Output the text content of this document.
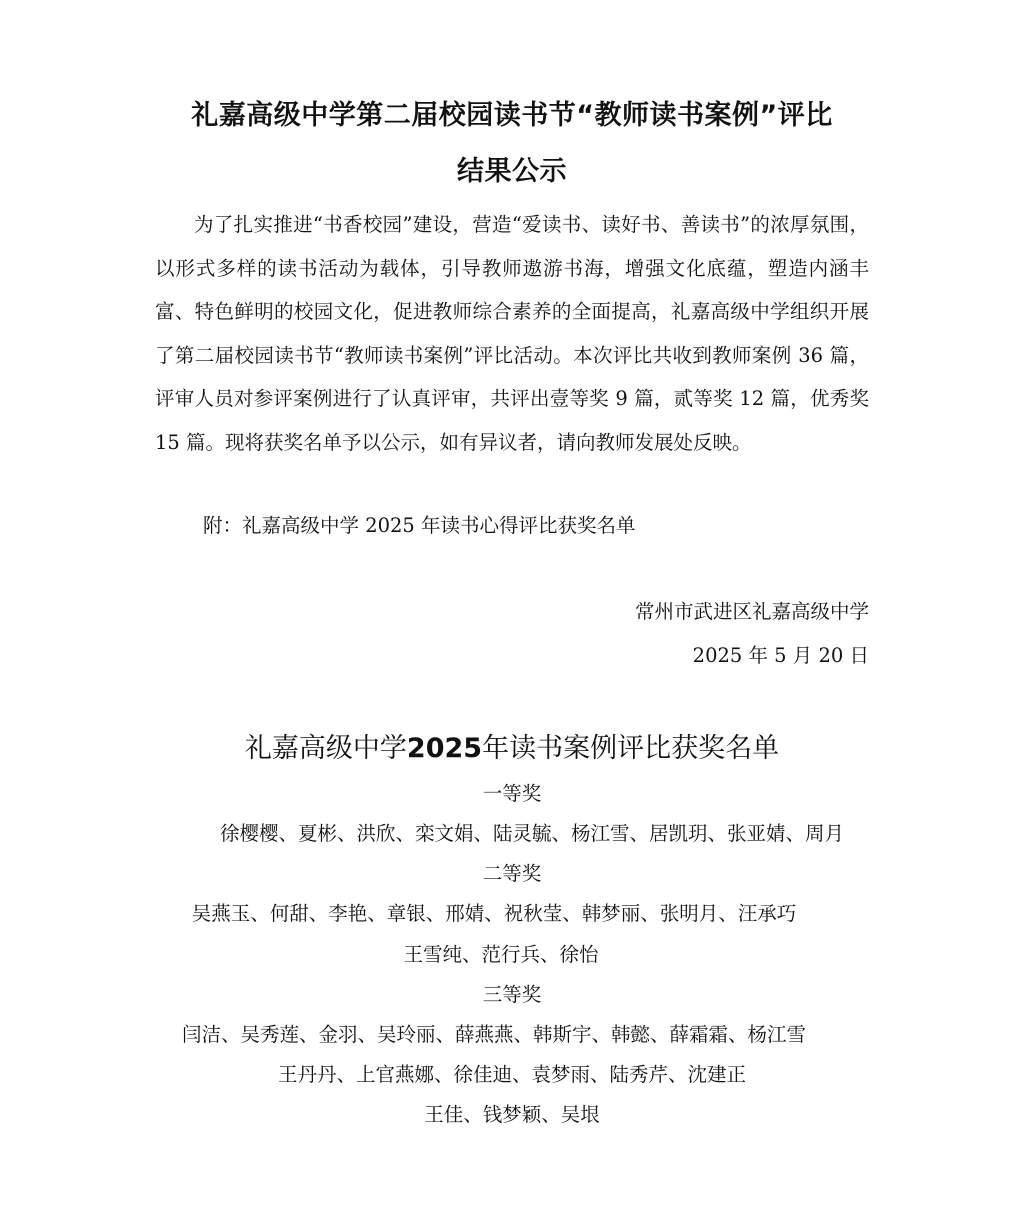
礼嘉高级中学第二届校园读书节“教师读书案例”评比
结果公示

为了扎实推进“书香校园”建设，营造“爱读书、读好书、善读书”的浓厚氛围，以形式多样的读书活动为载体，引导教师遨游书海，增强文化底蕴，塑造内涵丰富、特色鲜明的校园文化，促进教师综合素养的全面提高，礼嘉高级中学组织开展了第二届校园读书节“教师读书案例”评比活动。本次评比共收到教师案例 36 篇，评审人员对参评案例进行了认真评审，共评出壹等奖 9 篇，贰等奖 12 篇，优秀奖 15 篇。现将获奖名单予以公示，如有异议者，请向教师发展处反映。

附：礼嘉高级中学 2025 年读书心得评比获奖名单

常州市武进区礼嘉高级中学

2025 年 5 月 20 日

礼嘉高级中学2025年读书案例评比获奖名单

一等奖

徐樱樱、夏彬、洪欣、栾文娟、陆灵毓、杨江雪、居凯玥、张亚婧、周月

二等奖

吴燕玉、何甜、李艳、章银、邢婧、祝秋莹、韩梦丽、张明月、汪承巧

王雪纯、范行兵、徐怡

三等奖

闫洁、吴秀莲、金羽、吴玲丽、薛燕燕、韩斯宇、韩懿、薛霜霜、杨江雪

王丹丹、上官燕娜、徐佳迪、袁梦雨、陆秀芹、沈建正

王佳、钱梦颖、吴垠
